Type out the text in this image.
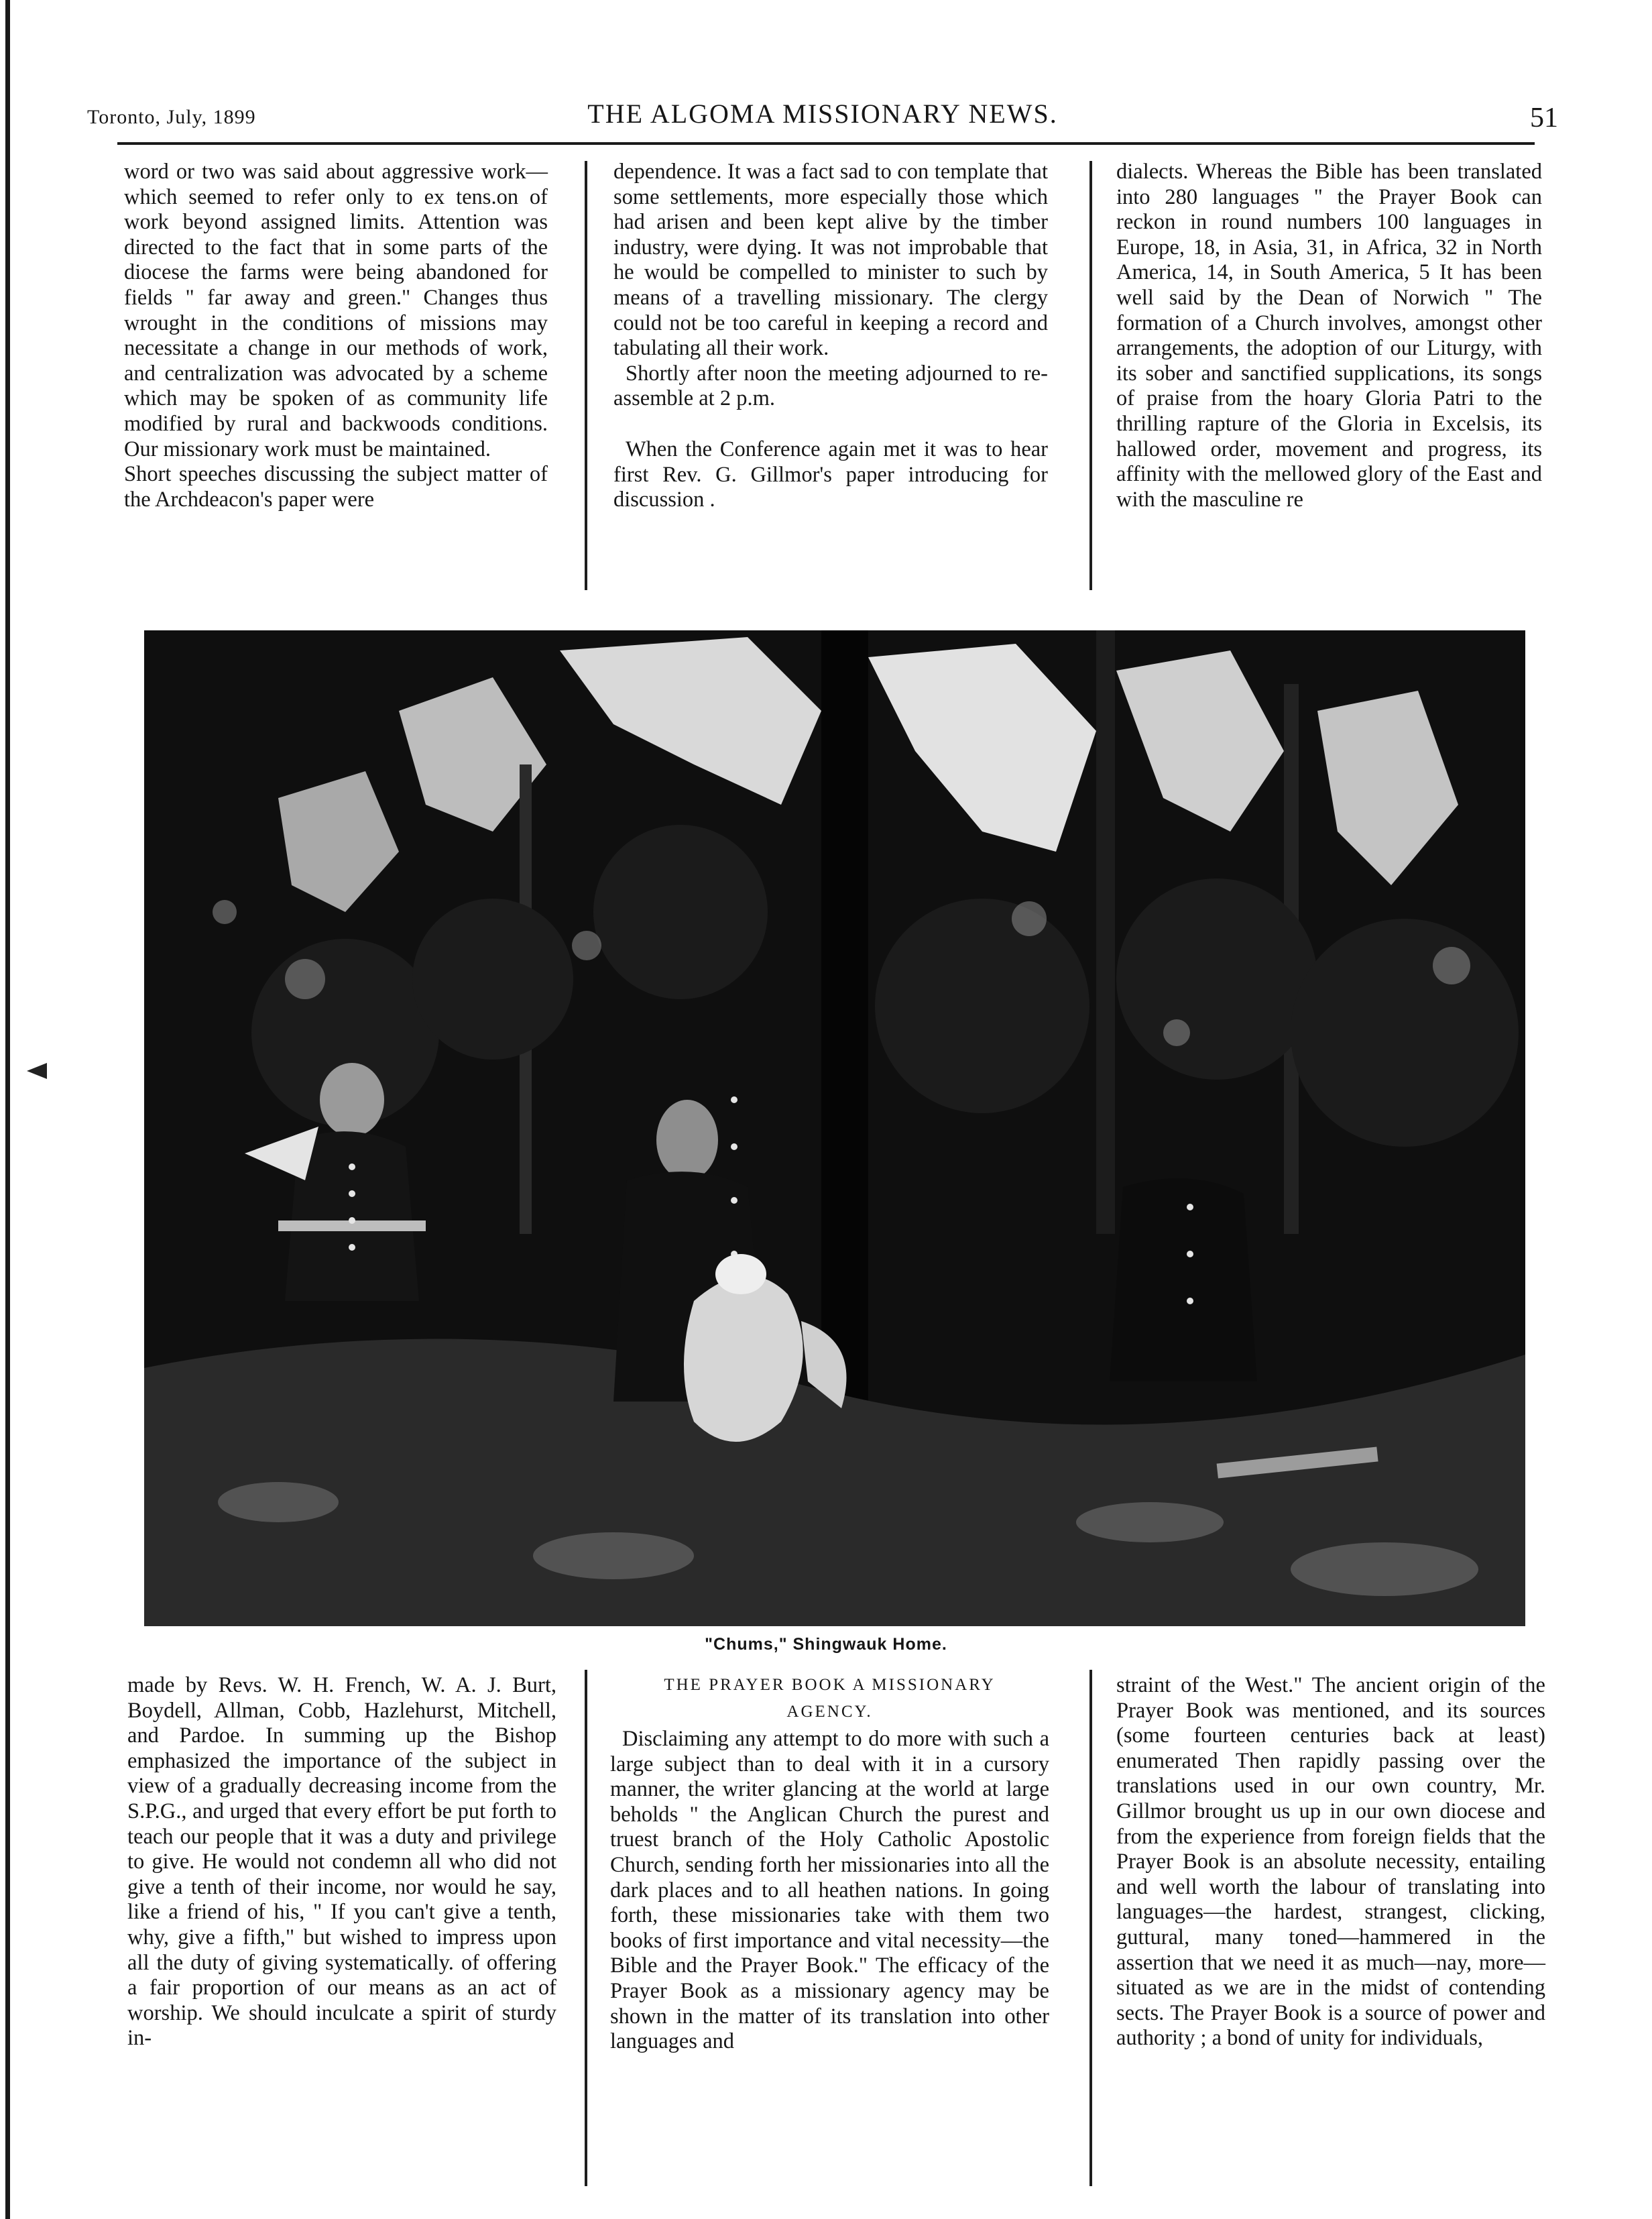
Toronto, July, 1899	THE ALGOMA MISSIONARY NEWS.	51

word or two was said about aggressive work—which seemed to refer only to ex tens.on of work beyond assigned limits. Attention was directed to the fact that in some parts of the diocese the farms were being abandoned for fields " far away and green." Changes thus wrought in the conditions of missions may necessitate a change in our methods of work, and centralization was advocated by a scheme which may be spoken of as community life modified by rural and backwoods conditions. Our missionary work must be maintained.

Short speeches discussing the subject matter of the Archdeacon's paper were

dependence. It was a fact sad to con template that some settlements, more especially those which had arisen and been kept alive by the timber industry, were dying. It was not improbable that he would be compelled to minister to such by means of a travelling missionary. The clergy could not be too careful in keeping a record and tabulating all their work.

Shortly after noon the meeting adjourned to re-assemble at 2 p.m.

When the Conference again met it was to hear first Rev. G. Gillmor's paper introducing for discussion .

dialects. Whereas the Bible has been translated into 280 languages " the Prayer Book can reckon in round numbers 100 languages in Europe, 18, in Asia, 31, in Africa, 32 in North America, 14, in South America, 5 It has been well said by the Dean of Norwich " The formation of a Church involves, amongst other arrangements, the adoption of our Liturgy, with its sober and sanctified supplications, its songs of praise from the hoary Gloria Patri to the thrilling rapture of the Gloria in Excelsis, its hallowed order, movement and progress, its affinity with the mellowed glory of the East and with the masculine re

"Chums," Shingwauk Home.

made by Revs. W. H. French, W. A. J. Burt, Boydell, Allman, Cobb, Hazlehurst, Mitchell, and Pardoe. In summing up the Bishop emphasized the importance of the subject in view of a gradually decreasing income from the S.P.G., and urged that every effort be put forth to teach our people that it was a duty and privilege to give. He would not condemn all who did not give a tenth of their income, nor would he say, like a friend of his, " If you can't give a tenth, why, give a fifth," but wished to impress upon all the duty of giving systematically. of offering a fair proportion of our means as an act of worship. We should inculcate a spirit of sturdy in-

THE PRAYER BOOK A MISSIONARY
AGENCY.

Disclaiming any attempt to do more with such a large subject than to deal with it in a cursory manner, the writer glancing at the world at large beholds " the Anglican Church the purest and truest branch of the Holy Catholic Apostolic Church, sending forth her missionaries into all the dark places and to all heathen nations. In going forth, these missionaries take with them two books of first importance and vital necessity—the Bible and the Prayer Book." The efficacy of the Prayer Book as a missionary agency may be shown in the matter of its translation into other languages and

straint of the West." The ancient origin of the Prayer Book was mentioned, and its sources (some fourteen centuries back at least) enumerated Then rapidly passing over the translations used in our own country, Mr. Gillmor brought us up in our own diocese and from the experience from foreign fields that the Prayer Book is an absolute necessity, entailing and well worth the labour of translating into languages—the hardest, strangest, clicking, guttural, many toned—hammered in the assertion that we need it as much—nay, more—situated as we are in the midst of contending sects. The Prayer Book is a source of power and authority ; a bond of unity for individuals,
